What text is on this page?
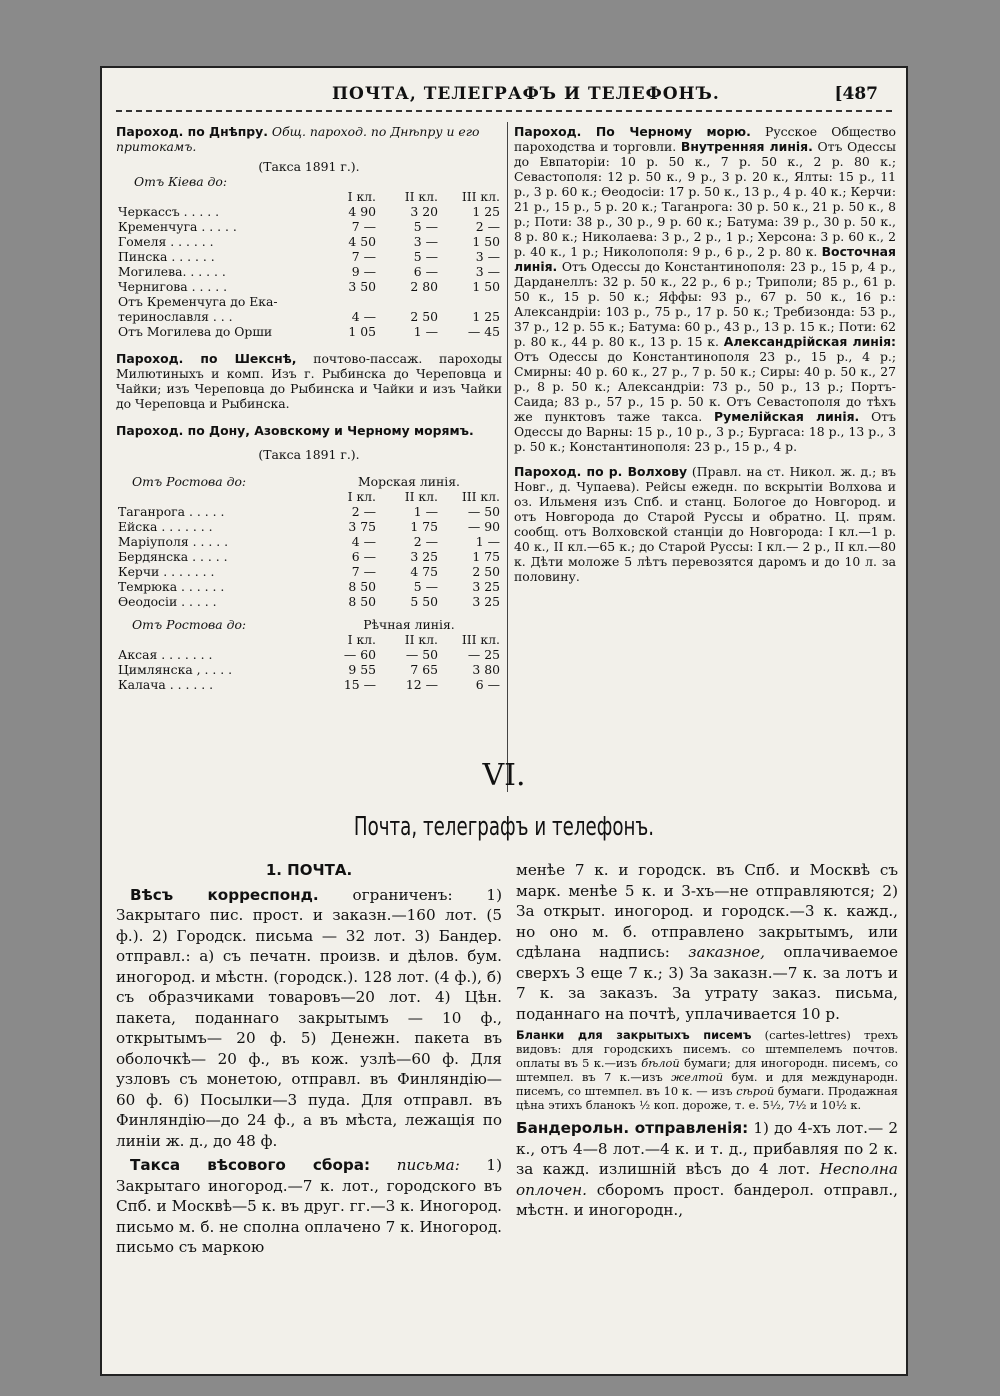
ПОЧТА, ТЕЛЕГРАФЪ И ТЕЛЕФОНЪ.	[487

Пароход. по Днѣпру. Общ. пароход. по Днѣпру и его притокамъ.

(Такса 1891 г.).

Отъ Кіева до:

	I кл.	II кл.	III кл.
Черкассъ . . . . .	4 90	3 20	1 25
Кременчуга . . . . .	7 —	5 —	2 —
Гомеля . . . . . .	4 50	3 —	1 50
Пинска . . . . . .	7 —	5 —	3 —
Могилева. . . . . .	9 —	6 —	3 —
Чернигова . . . . .	3 50	2 80	1 50
Отъ Кременчуга до Ека-			
теринославля . . .	4 —	2 50	1 25
Отъ Могилева до Орши	1 05	1 —	— 45

Пароход. по Шекснѣ, почтово-пассаж. пароходы Милютиныхъ и комп. Изъ г. Рыбинска до Череповца и Чайки; изъ Череповца до Рыбинска и Чайки и изъ Чайки до Череповца и Рыбинска.

Пароход. по Дону, Азовскому и Черному морямъ.

(Такса 1891 г.).

Отъ Ростова до:	Морская линія.		
	I кл.	II кл.	III кл.
Таганрога . . . . .	2 —	1 —	— 50
Ейска . . . . . . .	3 75	1 75	— 90
Маріуполя . . . . .	4 —	2 —	1 —
Бердянска . . . . .	6 —	3 25	1 75
Керчи . . . . . . .	7 —	4 75	2 50
Темрюка . . . . . .	8 50	5 —	3 25
Ѳеодосіи . . . . .	8 50	5 50	3 25
Отъ Ростова до:	Рѣчная линія.		
	I кл.	II кл.	III кл.
Аксая . . . . . . .	— 60	— 50	— 25
Цимлянска , . . . .	9 55	7 65	3 80
Калача . . . . . .	15 —	12 —	6 —

Пароход. По Черному морю. Русское Общество пароходства и торговли. Внутренняя линія. Отъ Одессы до Евпаторіи: 10 р. 50 к., 7 р. 50 к., 2 р. 80 к.; Севастополя: 12 р. 50 к., 9 р., 3 р. 20 к., Ялты: 15 р., 11 р., 3 р. 60 к.; Ѳеодосіи: 17 р. 50 к., 13 р., 4 р. 40 к.; Керчи: 21 р., 15 р., 5 р. 20 к.; Таганрога: 30 р. 50 к., 21 р. 50 к., 8 р.; Поти: 38 р., 30 р., 9 р. 60 к.; Батума: 39 р., 30 р. 50 к., 8 р. 80 к.; Николаева: 3 р., 2 р., 1 р.; Херсона: 3 р. 60 к., 2 р. 40 к., 1 р.; Николополя: 9 р., 6 р., 2 р. 80 к. Восточная линія. Отъ Одессы до Константинополя: 23 р., 15 р, 4 р., Дарданеллъ: 32 р. 50 к., 22 р., 6 р.; Триполи; 85 р., 61 р. 50 к., 15 р. 50 к.; Яффы: 93 р., 67 р. 50 к., 16 р.: Александріи: 103 р., 75 р., 17 р. 50 к.; Требизонда: 53 р., 37 р., 12 р. 55 к.; Батума: 60 р., 43 р., 13 р. 15 к.; Поти: 62 р. 80 к., 44 р. 80 к., 13 р. 15 к. Александрійская линія: Отъ Одессы до Константинополя 23 р., 15 р., 4 р.; Смирны: 40 р. 60 к., 27 р., 7 р. 50 к.; Сиры: 40 р. 50 к., 27 р., 8 р. 50 к.; Александріи: 73 р., 50 р., 13 р.; Портъ-Саида; 83 р., 57 р., 15 р. 50 к. Отъ Севастополя до тѣхъ же пунктовъ таже такса. Румелійская линія. Отъ Одессы до Варны: 15 р., 10 р., 3 р.; Бургаса: 18 р., 13 р., 3 р. 50 к.; Константинополя: 23 р., 15 р., 4 р.

Пароход. по р. Волхову (Правл. на ст. Никол. ж. д.; въ Новг., д. Чупаева). Рейсы ежедн. по вскрытіи Волхова и оз. Ильменя изъ Спб. и станц. Бологое до Новгород. и отъ Новгорода до Старой Руссы и обратно. Ц. прям. сообщ. отъ Волховской станціи до Новгорода: I кл.—1 р. 40 к., II кл.—65 к.; до Старой Руссы: I кл.— 2 р., II кл.—80 к. Дѣти моложе 5 лѣтъ перевозятся даромъ и до 10 л. за половину.

VI.
Почта, телеграфъ и телефонъ.

1. ПОЧТА.

Вѣсъ корреспонд. ограниченъ: 1) Закрытаго пис. прост. и заказн.—160 лот. (5 ф.). 2) Городск. письма — 32 лот. 3) Бандер. отправл.: а) съ печатн. произв. и дѣлов. бум. иногород. и мѣстн. (городск.). 128 лот. (4 ф.), б) съ образчиками товаровъ—20 лот. 4) Цѣн. пакета, поданнаго закрытымъ — 10 ф., открытымъ— 20 ф. 5) Денежн. пакета въ оболочкѣ— 20 ф., въ кож. узлѣ—60 ф. Для узловъ съ монетою, отправл. въ Финляндію— 60 ф. 6) Посылки—3 пуда. Для отправл. въ Финляндію—до 24 ф., а въ мѣста, лежащія по линіи ж. д., до 48 ф.

Такса вѣсового сбора: письма: 1) Закрытаго иногород.—7 к. лот., городского въ Спб. и Москвѣ—5 к. въ друг. гг.—3 к. Иногород. письмо м. б. не сполна оплачено 7 к. Иногород. письмо съ маркою

менѣе 7 к. и городск. въ Спб. и Москвѣ съ марк. менѣе 5 к. и 3-хъ—не отправляются; 2) За открыт. иногород. и городск.—3 к. кажд., но оно м. б. отправлено закрытымъ, или сдѣлана надпись: заказное, оплачиваемое сверхъ 3 еще 7 к.; 3) За заказн.—7 к. за лотъ и 7 к. за заказъ. За утрату заказ. письма, поданнаго на почтѣ, уплачивается 10 р.

Бланки для закрытыхъ писемъ (cartes-lettres) трехъ видовъ: для городскихъ писемъ. со штемпелемъ почтов. оплаты въ 5 к.—изъ бѣлой бумаги; для иногородн. писемъ, со штемпел. въ 7 к.—изъ желтой бум. и для международн. писемъ, со штемпел. въ 10 к. — изъ сѣрой бумаги. Продажная цѣна этихъ бланокъ ½ коп. дороже, т. е. 5½, 7½ и 10½ к.

Бандерольн. отправленія: 1) до 4-хъ лот.— 2 к., отъ 4—8 лот.—4 к. и т. д., прибавляя по 2 к. за кажд. излишній вѣсъ до 4 лот. Несполна оплочен. сборомъ прост. бандерол. отправл., мѣстн. и иногородн.,
